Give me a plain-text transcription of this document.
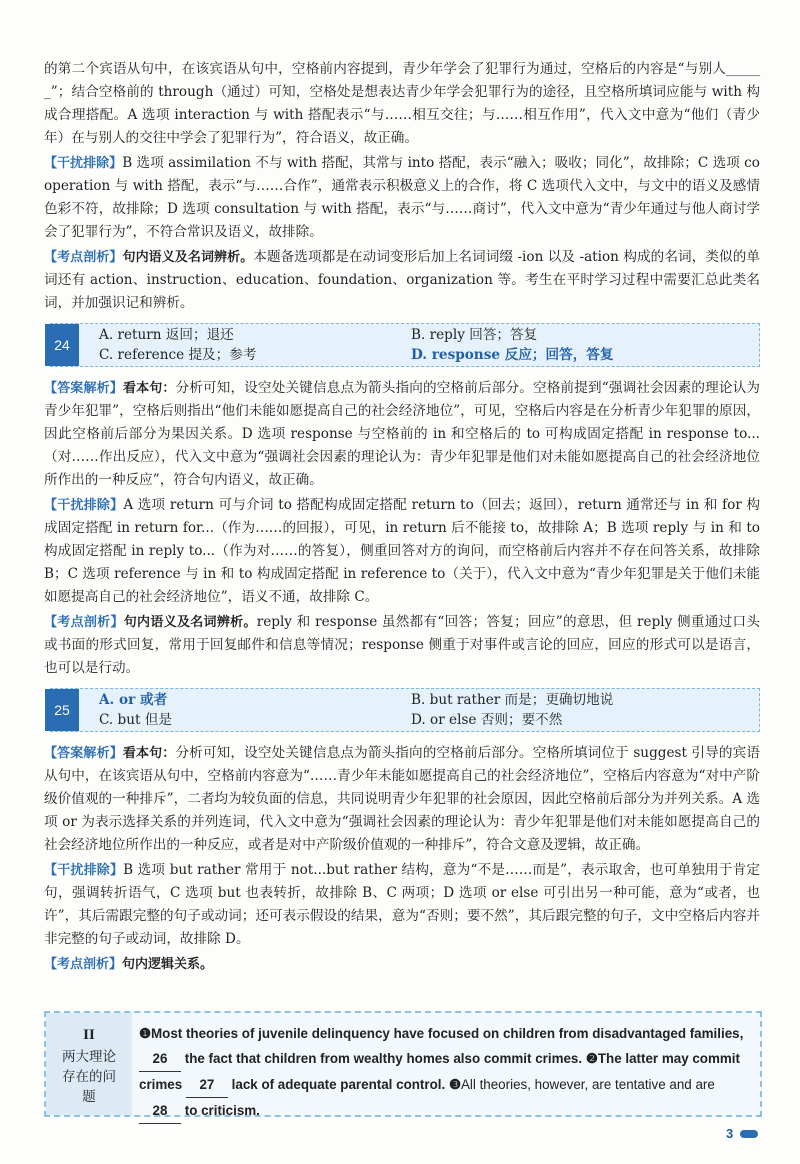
的第二个宾语从句中，在该宾语从句中，空格前内容提到，青少年学会了犯罪行为通过，空格后的内容是“与别人______”；结合空格前的 through（通过）可知，空格处是想表达青少年学会犯罪行为的途径，且空格所填词应能与 with 构成合理搭配。A 选项 interaction 与 with 搭配表示“与……相互交往；与……相互作用”，代入文中意为“他们（青少年）在与别人的交往中学会了犯罪行为”，符合语义，故正确。

【干扰排除】B 选项 assimilation 不与 with 搭配，其常与 into 搭配，表示“融入；吸收；同化”，故排除；C 选项 cooperation 与 with 搭配，表示“与……合作”，通常表示积极意义上的合作，将 C 选项代入文中，与文中的语义及感情色彩不符，故排除；D 选项 consultation 与 with 搭配，表示“与……商讨”，代入文中意为“青少年通过与他人商讨学会了犯罪行为”，不符合常识及语义，故排除。

【考点剖析】句内语义及名词辨析。本题备选项都是在动词变形后加上名词词缀 -ion 以及 -ation 构成的名词，类似的单词还有 action、instruction、education、foundation、organization 等。考生在平时学习过程中需要汇总此类名词，并加强识记和辨析。

24
A. return 返回；退还
C. reference 提及；参考
B. reply 回答；答复
D. response 反应；回答，答复

【答案解析】看本句：分析可知，设空处关键信息点为箭头指向的空格前后部分。空格前提到“强调社会因素的理论认为青少年犯罪”，空格后则指出“他们未能如愿提高自己的社会经济地位”，可见，空格后内容是在分析青少年犯罪的原因，因此空格前后部分为果因关系。D 选项 response 与空格前的 in 和空格后的 to 可构成固定搭配 in response to...（对……作出反应），代入文中意为“强调社会因素的理论认为：青少年犯罪是他们对未能如愿提高自己的社会经济地位所作出的一种反应”，符合句内语义，故正确。

【干扰排除】A 选项 return 可与介词 to 搭配构成固定搭配 return to（回去；返回），return 通常还与 in 和 for 构成固定搭配 in return for...（作为……的回报），可见，in return 后不能接 to，故排除 A；B 选项 reply 与 in 和 to 构成固定搭配 in reply to...（作为对……的答复），侧重回答对方的询问，而空格前后内容并不存在问答关系，故排除 B；C 选项 reference 与 in 和 to 构成固定搭配 in reference to（关于），代入文中意为“青少年犯罪是关于他们未能如愿提高自己的社会经济地位”，语义不通，故排除 C。

【考点剖析】句内语义及名词辨析。reply 和 response 虽然都有“回答；答复；回应”的意思，但 reply 侧重通过口头或书面的形式回复，常用于回复邮件和信息等情况；response 侧重于对事件或言论的回应，回应的形式可以是语言，也可以是行动。

25
A. or 或者
C. but 但是
B. but rather 而是；更确切地说
D. or else 否则；要不然

【答案解析】看本句：分析可知，设空处关键信息点为箭头指向的空格前后部分。空格所填词位于 suggest 引导的宾语从句中，在该宾语从句中，空格前内容意为“……青少年未能如愿提高自己的社会经济地位”，空格后内容意为“对中产阶级价值观的一种排斥”，二者均为较负面的信息，共同说明青少年犯罪的社会原因，因此空格前后部分为并列关系。A 选项 or 为表示选择关系的并列连词，代入文中意为“强调社会因素的理论认为：青少年犯罪是他们对未能如愿提高自己的社会经济地位所作出的一种反应，或者是对中产阶级价值观的一种排斥”，符合文意及逻辑，故正确。

【干扰排除】B 选项 but rather 常用于 not...but rather 结构，意为“不是……而是”，表示取舍，也可单独用于肯定句，强调转折语气，C 选项 but 也表转折，故排除 B、C 两项；D 选项 or else 可引出另一种可能，意为“或者，也许”，其后需跟完整的句子或动词；还可表示假设的结果，意为“否则；要不然”，其后跟完整的句子，文中空格后内容并非完整的句子或动词，故排除 D。

【考点剖析】句内逻辑关系。

II
两大理论存在的问题
❶Most theories of juvenile delinquency have focused on children from disadvantaged families, 26 the fact that children from wealthy homes also commit crimes. ❷The latter may commit crimes 27 lack of adequate parental control. ❸All theories, however, are tentative and are 28 to criticism.
3
